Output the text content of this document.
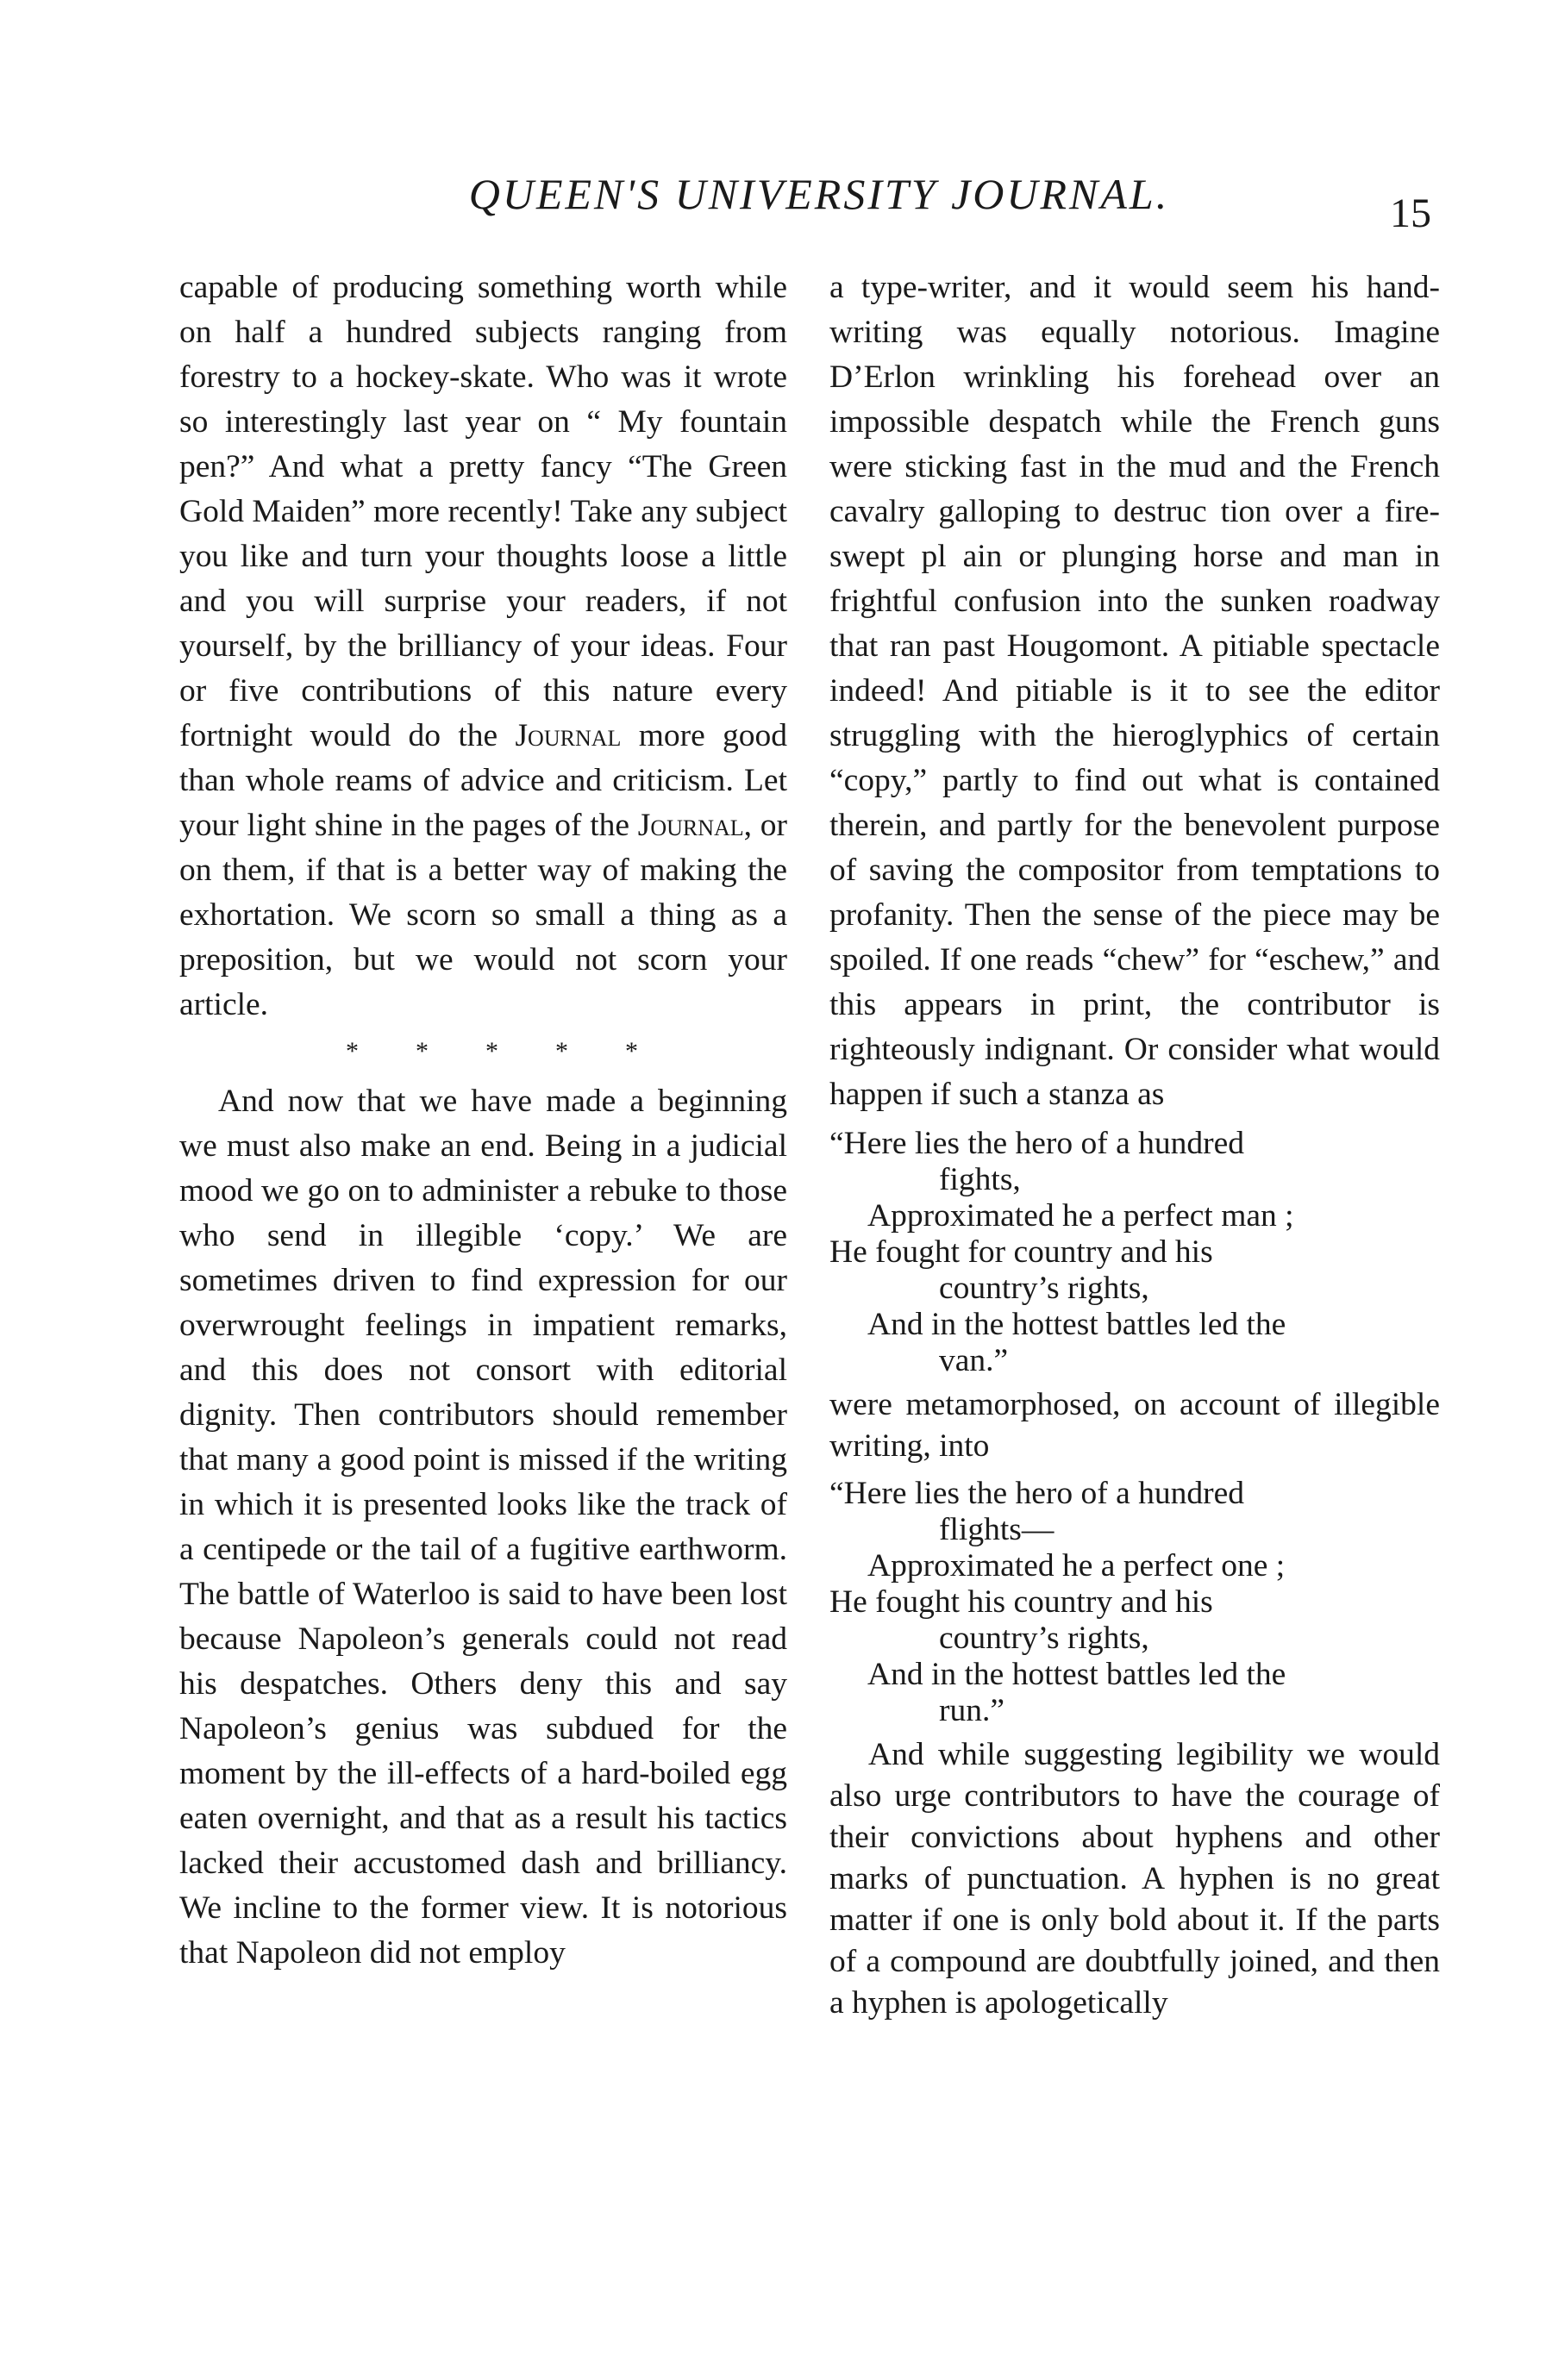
QUEEN'S UNIVERSITY JOURNAL.	15

capable of producing something worth while on half a hundred subjects ranging from forestry to a hockey-skate. Who was it wrote so interestingly last year on “ My fountain pen?” And what a pretty fancy “The Green Gold Maiden” more recently! Take any subject you like and turn your thoughts loose a little and you will surprise your readers, if not yourself, by the brilliancy of your ideas. Four or five contributions of this nature every fortnight would do the Journal more good than whole reams of advice and criticism. Let your light shine in the pages of the Journal, or on them, if that is a better way of making the exhortation. We scorn so small a thing as a preposition, but we would not scorn your article.

* * * * *

And now that we have made a beginning we must also make an end. Being in a judicial mood we go on to administer a rebuke to those who send in illegible ‘copy.’ We are sometimes driven to find expression for our overwrought feelings in impatient remarks, and this does not consort with editorial dignity. Then contributors should remember that many a good point is missed if the writing in which it is presented looks like the track of a centipede or the tail of a fugitive earthworm. The battle of Waterloo is said to have been lost because Napoleon’s generals could not read his despatches. Others deny this and say Napoleon’s genius was subdued for the moment by the ill-effects of a hard-boiled egg eaten overnight, and that as a result his tactics lacked their accustomed dash and brilliancy. We incline to the former view. It is notorious that Napoleon did not employ

a type-writer, and it would seem his hand-writing was equally notorious. Imagine D’Erlon wrinkling his forehead over an impossible despatch while the French guns were sticking fast in the mud and the French cavalry galloping to destruc tion over a fire-swept pl ain or plunging horse and man in frightful confusion into the sunken roadway that ran past Hougomont. A pitiable spectacle indeed! And pitiable is it to see the editor struggling with the hieroglyphics of certain “copy,” partly to find out what is contained therein, and partly for the benevolent purpose of saving the compositor from temptations to profanity. Then the sense of the piece may be spoiled. If one reads “chew” for “eschew,” and this appears in print, the contributor is righteously indignant. Or consider what would happen if such a stanza as

“Here lies the hero of a hundred
fights,
Approximated he a perfect man ;
He fought for country and his
country’s rights,
And in the hottest battles led the
van.”

were metamorphosed, on account of illegible writing, into

“Here lies the hero of a hundred
flights—
Approximated he a perfect one ;
He fought his country and his
country’s rights,
And in the hottest battles led the
run.”

And while suggesting legibility we would also urge contributors to have the courage of their convictions about hyphens and other marks of punctuation. A hyphen is no great matter if one is only bold about it. If the parts of a compound are doubtfully joined, and then a hyphen is apologetically
